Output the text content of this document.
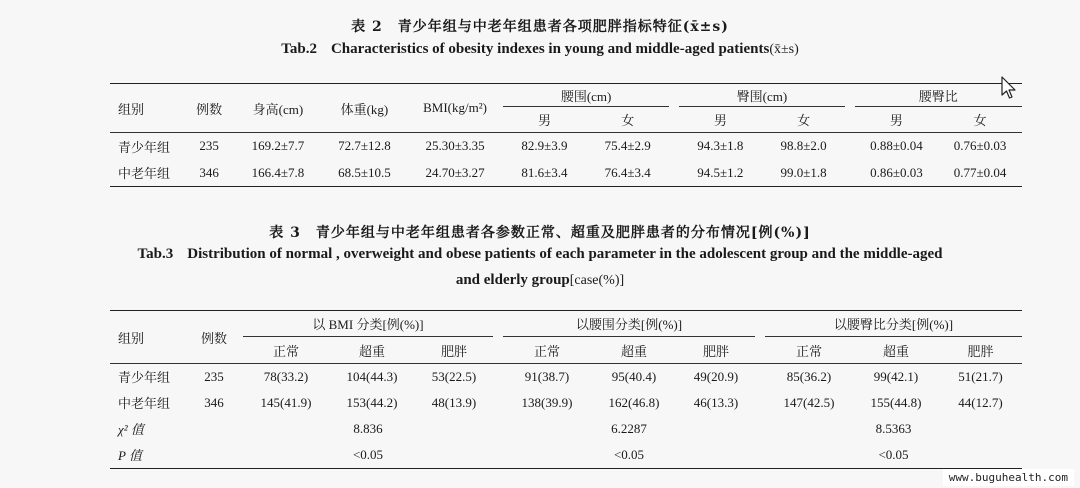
表 2　青少年组与中老年组患者各项肥胖指标特征(x̄±s)
Tab.2 Characteristics of obesity indexes in young and middle-aged patients(x̄±s)
组别	例数	身高(cm)	体重(kg)	BMI(kg/m²)	腰围(cm)			臀围(cm)			腰臀比	
					男	女		男	女		男	女
青少年组	235	169.2±7.7	72.7±12.8	25.30±3.35	82.9±3.9	75.4±2.9		94.3±1.8	98.8±2.0		0.88±0.04	0.76±0.03
中老年组	346	166.4±7.8	68.5±10.5	24.70±3.27	81.6±3.4	76.4±3.4		94.5±1.2	99.0±1.8		0.86±0.03	0.77±0.04
表 3　青少年组与中老年组患者各参数正常、超重及肥胖患者的分布情况[例(%)]
Tab.3 Distribution of normal , overweight and obese patients of each parameter in the adolescent group and the middle-aged
and elderly group[case(%)]
组别	例数	以 BMI 分类[例(%)]				以腰围分类[例(%)]				以腰臀比分类[例(%)]		
		正常	超重	肥胖		正常	超重	肥胖		正常	超重	肥胖
青少年组	235	78(33.2)	104(44.3)	53(22.5)		91(38.7)	95(40.4)	49(20.9)		85(36.2)	99(42.1)	51(21.7)
中老年组	346	145(41.9)	153(44.2)	48(13.9)		138(39.9)	162(46.8)	46(13.3)		147(42.5)	155(44.8)	44(12.7)
χ² 值		8.836				6.2287				8.5363		
P 值		<0.05				<0.05				<0.05		
www.buguhealth.com
